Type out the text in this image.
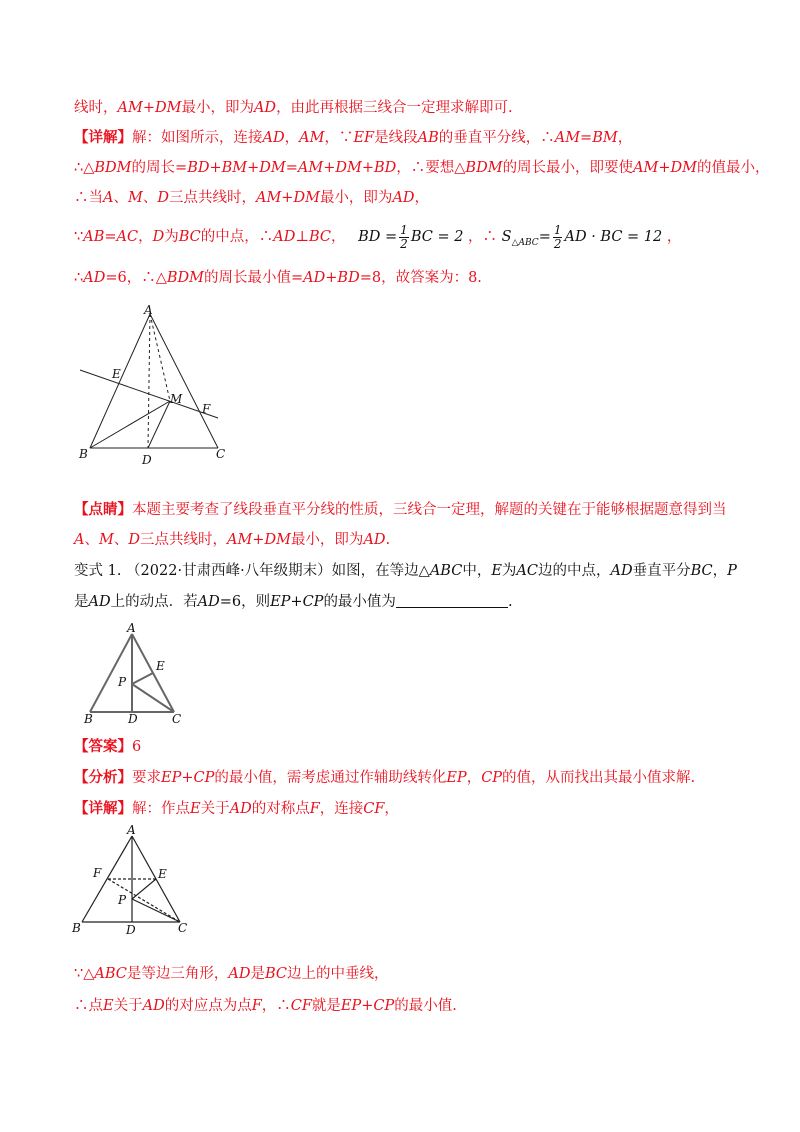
线时，AM+DM最小，即为AD，由此再根据三线合一定理求解即可.
【详解】解：如图所示，连接AD，AM，∵EF是线段AB的垂直平分线，∴AM=BM，
∴△BDM的周长=BD+BM+DM=AM+DM+BD，∴要想△BDM的周长最小，即要使AM+DM的值最小，
∴当A、M、D三点共线时，AM+DM最小，即为AD，
∵AB=AC，D为BC的中点，∴AD⊥BC， BD = $\frac{1}{2}$ BC = 2 ，∴ $S_{\triangle ABC}= \frac{1}{2}$ AD · BC = 12 ，
∴AD=6，∴△BDM的周长最小值=AD+BD=8，故答案为：8.
A
B	C
D
E
F
M
【点睛】本题主要考查了线段垂直平分线的性质，三线合一定理，解题的关键在于能够根据题意得到当
A、M、D三点共线时，AM+DM最小，即为AD.
变式 1. （2022·甘肃西峰·八年级期末）如图，在等边△ABC中，E为AC边的中点，AD垂直平分BC，P
是AD上的动点．若AD=6，则EP+CP的最小值为	.
A
B	C
D
E
P
【答案】6
【分析】要求EP+CP的最小值，需考虑通过作辅助线转化EP，CP的值，从而找出其最小值求解.
【详解】解：作点E关于AD的对称点F，连接CF，
A
B	C
D
E
F
P
∵△ABC是等边三角形，AD是BC边上的中垂线，
∴点E关于AD的对应点为点F，∴CF就是EP+CP的最小值.
